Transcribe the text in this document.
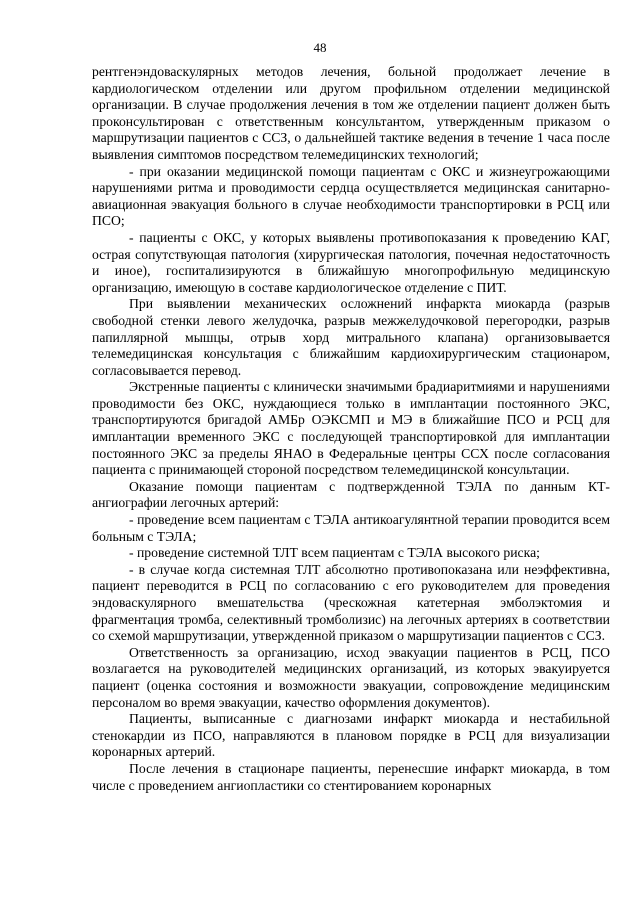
48

рентгенэндоваскулярных методов лечения, больной продолжает лечение в кардиологическом отделении или другом профильном отделении медицинской организации. В случае продолжения лечения в том же отделении пациент должен быть проконсультирован с ответственным консультантом, утвержденным приказом о маршрутизации пациентов с ССЗ, о дальнейшей тактике ведения в течение 1 часа после выявления симптомов посредством телемедицинских технологий;

- при оказании медицинской помощи пациентам с ОКС и жизнеугрожающими нарушениями ритма и проводимости сердца осуществляется медицинская санитарно-авиационная эвакуация больного в случае необходимости транспортировки в РСЦ или ПСО;

- пациенты с ОКС, у которых выявлены противопоказания к проведению КАГ, острая сопутствующая патология (хирургическая патология, почечная недостаточность и иное), госпитализируются в ближайшую многопрофильную медицинскую организацию, имеющую в составе кардиологическое отделение с ПИТ.

При выявлении механических осложнений инфаркта миокарда (разрыв свободной стенки левого желудочка, разрыв межжелудочковой перегородки, разрыв папиллярной мышцы, отрыв хорд митрального клапана) организовывается телемедицинская консультация с ближайшим кардиохирургическим стационаром, согласовывается перевод.

Экстренные пациенты с клинически значимыми брадиаритмиями и нарушениями проводимости без ОКС, нуждающиеся только в имплантации постоянного ЭКС, транспортируются бригадой АМБр ОЭКСМП и МЭ в ближайшие ПСО и РСЦ для имплантации временного ЭКС с последующей транспортировкой для имплантации постоянного ЭКС за пределы ЯНАО в Федеральные центры ССХ после согласования пациента с принимающей стороной посредством телемедицинской консультации.

Оказание помощи пациентам с подтвержденной ТЭЛА по данным КТ-ангиографии легочных артерий:

- проведение всем пациентам с ТЭЛА антикоагулянтной терапии проводится всем больным с ТЭЛА;

- проведение системной ТЛТ всем пациентам с ТЭЛА высокого риска;

- в случае когда системная ТЛТ абсолютно противопоказана или неэффективна, пациент переводится в РСЦ по согласованию с его руководителем для проведения эндоваскулярного вмешательства (чрескожная катетерная эмболэктомия и фрагментация тромба, селективный тромболизис) на легочных артериях в соответствии со схемой маршрутизации, утвержденной приказом о маршрутизации пациентов с ССЗ.

Ответственность за организацию, исход эвакуации пациентов в РСЦ, ПСО возлагается на руководителей медицинских организаций, из которых эвакуируется пациент (оценка состояния и возможности эвакуации, сопровождение медицинским персоналом во время эвакуации, качество оформления документов).

Пациенты, выписанные с диагнозами инфаркт миокарда и нестабильной стенокардии из ПСО, направляются в плановом порядке в РСЦ для визуализации коронарных артерий.

После лечения в стационаре пациенты, перенесшие инфаркт миокарда, в том числе с проведением ангиопластики со стентированием коронарных
